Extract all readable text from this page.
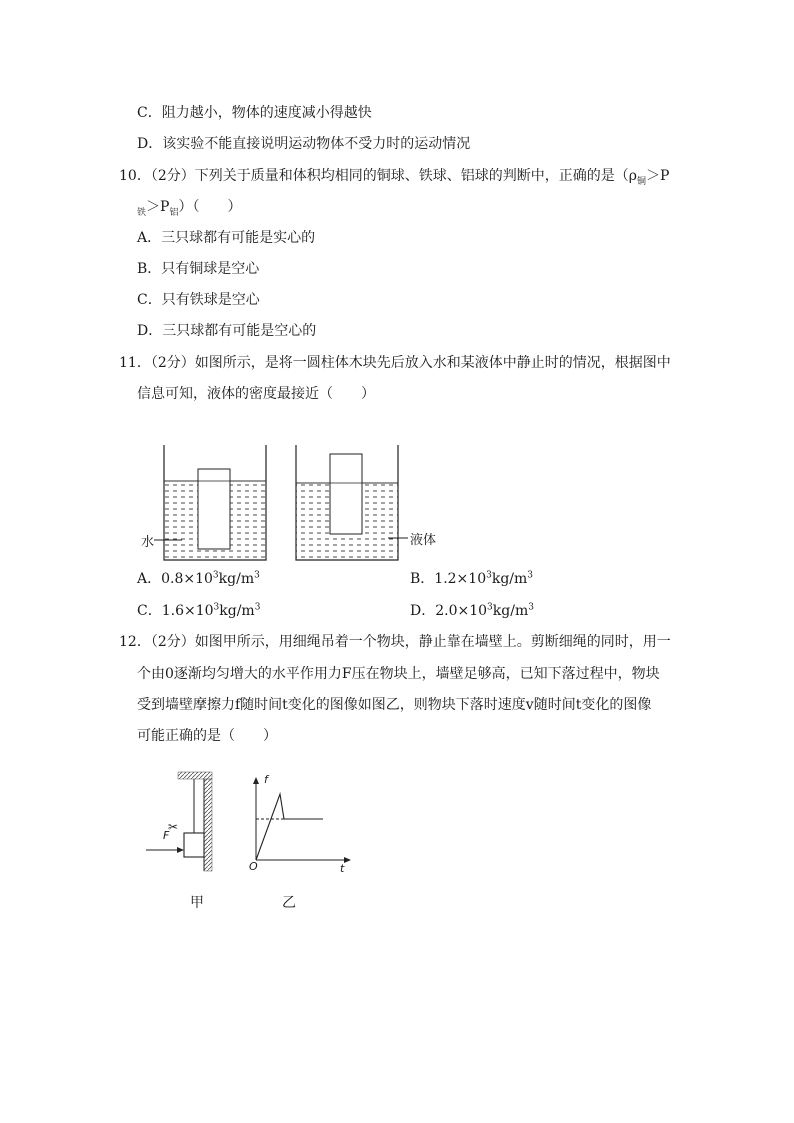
C．阻力越小，物体的速度减小得越快
D．该实验不能直接说明运动物体不受力时的运动情况
10．（2分）下列关于质量和体积均相同的铜球、铁球、铝球的判断中，正确的是（$\rho_铜>P$
$_铁>P_铝$）（　　）
A．三只球都有可能是实心的
B．只有铜球是空心
C．只有铁球是空心
D．三只球都有可能是空心的
11．（2分）如图所示，是将一圆柱体木块先后放入水和某液体中静止时的情况，根据图中
信息可知，液体的密度最接近（　　）
水	液体
A．$0.8\times 10^3kg/m^3$	B．$1.2\times 10^3kg/m^3$
C．$1.6\times 10^3kg/m^3$	D．$2.0\times 10^3kg/m^3$
12．（2分）如图甲所示，用细绳吊着一个物块，静止靠在墙壁上。剪断细绳的同时，用一
个由0逐渐均匀增大的水平作用力F压在物块上，墙壁足够高，已知下落过程中，物块
受到墙壁摩擦力f随时间t变化的图像如图乙，则物块下落时速度v随时间t变化的图像
可能正确的是（　　）
✂
F
f
O	t
甲	乙
